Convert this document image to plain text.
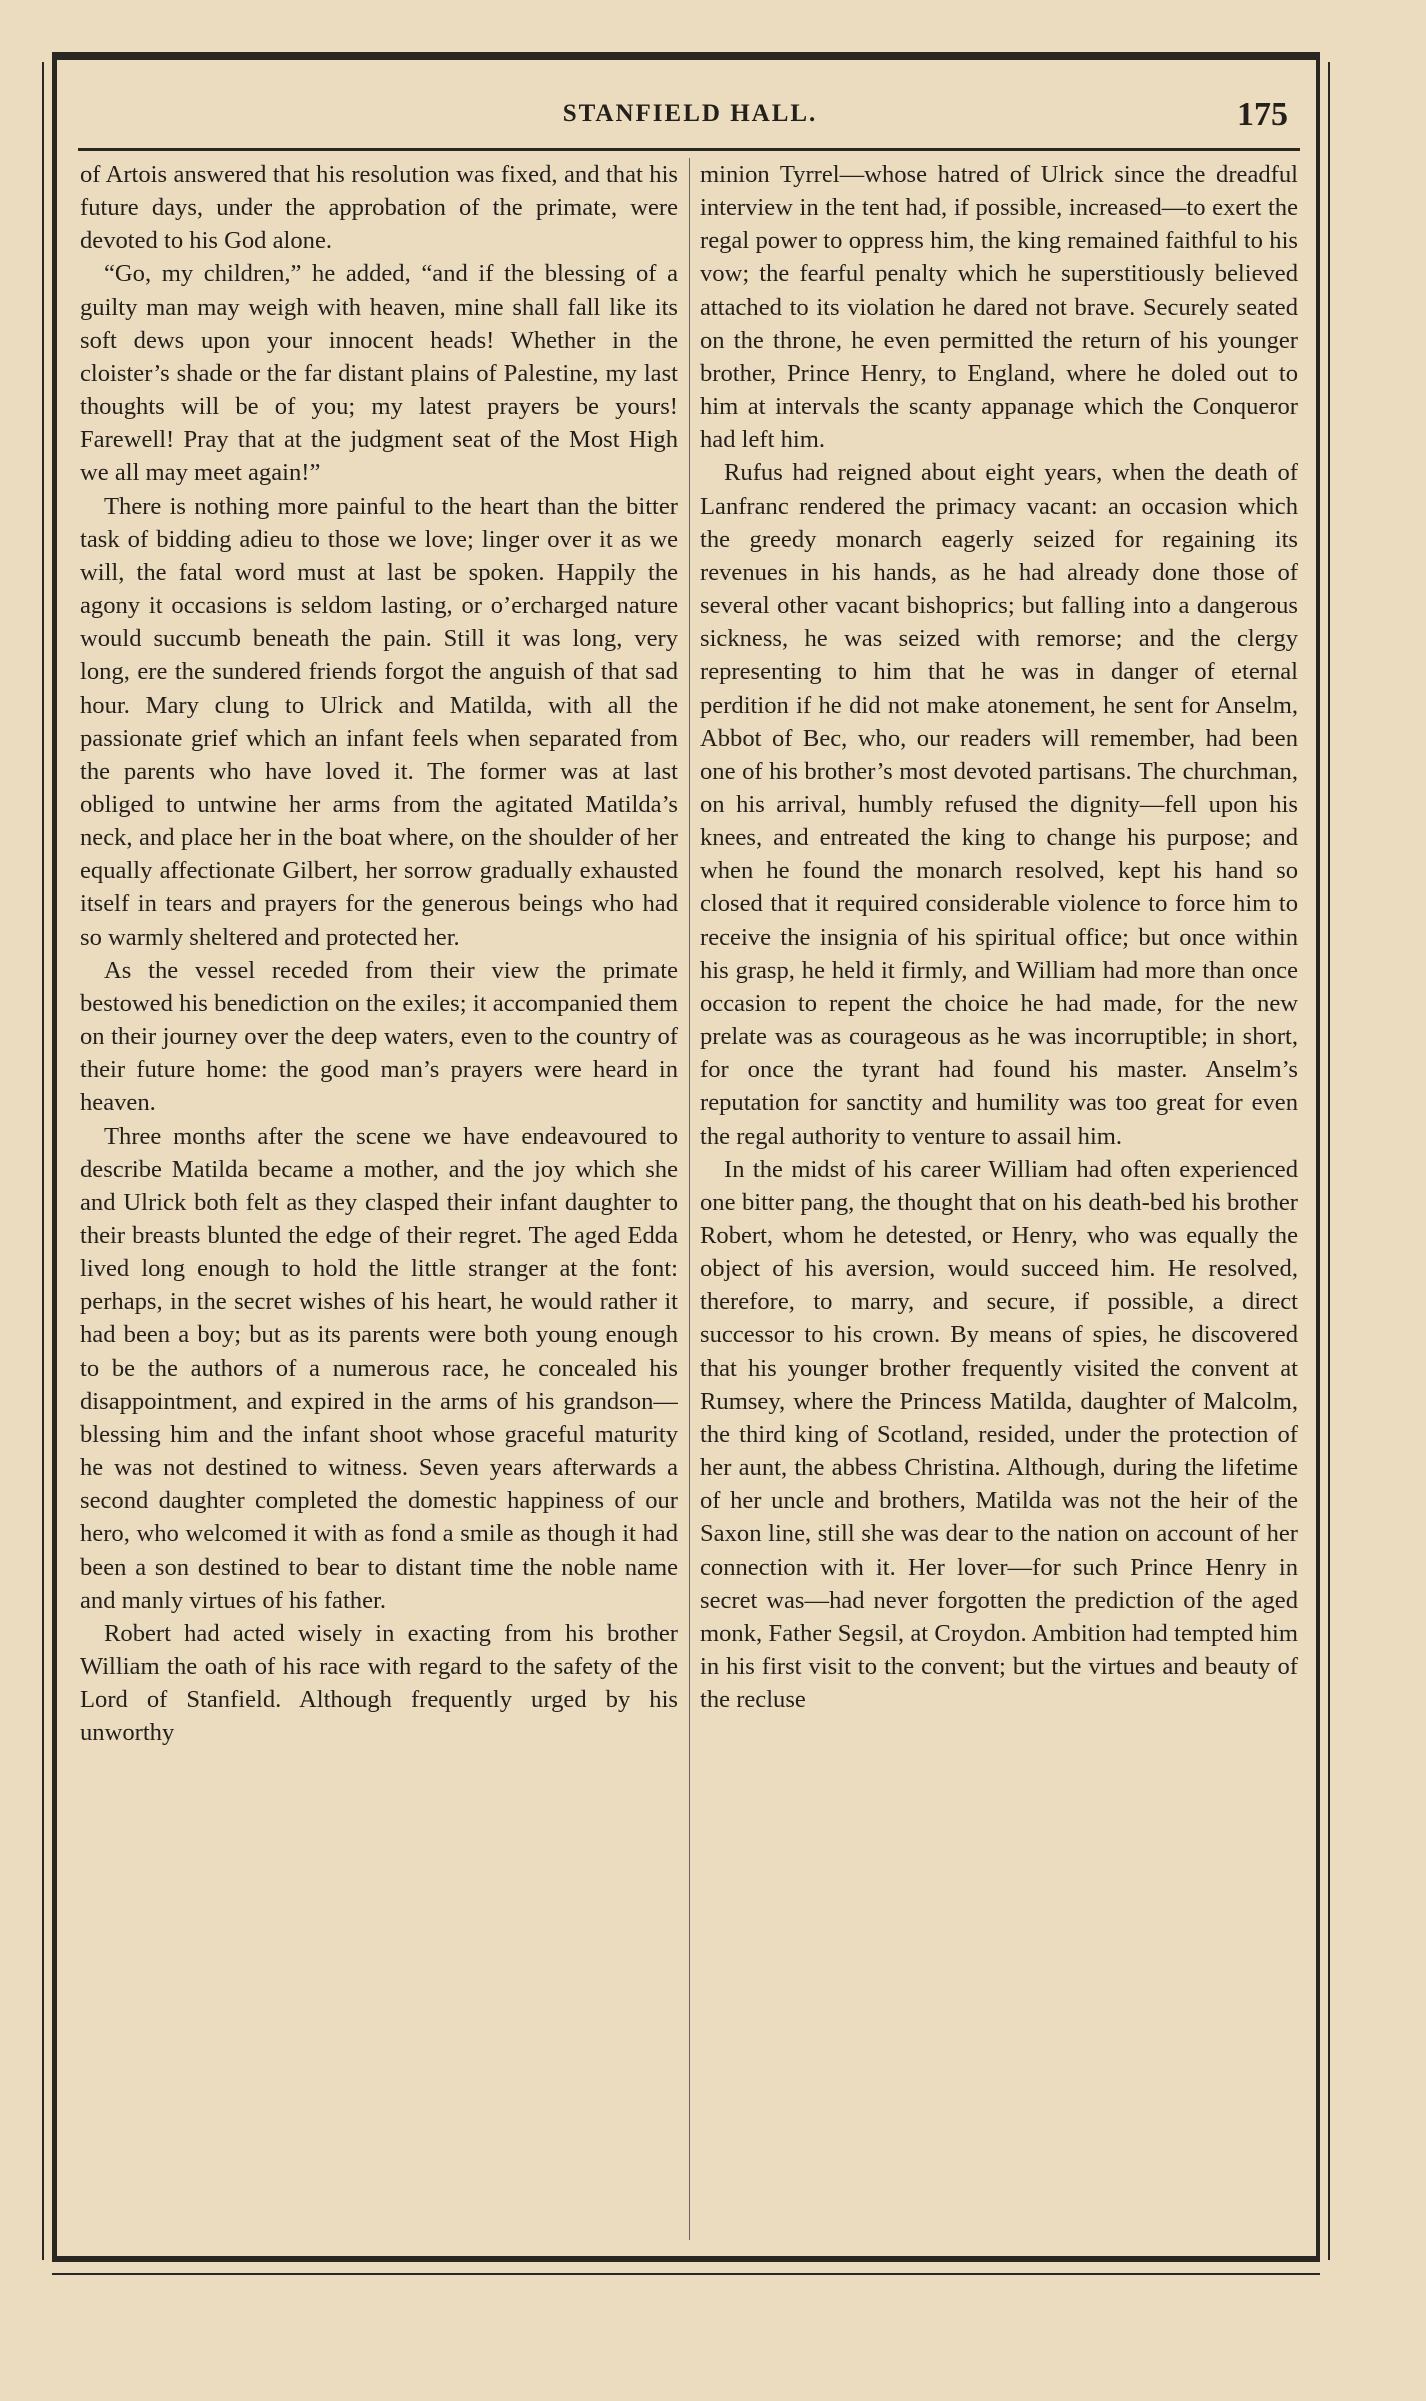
STANFIELD HALL.	175

of Artois answered that his resolution was fixed, and that his future days, under the approbation of the primate, were devoted to his God alone.

“Go, my children,” he added, “and if the blessing of a guilty man may weigh with heaven, mine shall fall like its soft dews upon your innocent heads! Whether in the cloister’s shade or the far distant plains of Palestine, my last thoughts will be of you; my latest prayers be yours! Farewell! Pray that at the judgment seat of the Most High we all may meet again!”

There is nothing more painful to the heart than the bitter task of bidding adieu to those we love; linger over it as we will, the fatal word must at last be spoken. Happily the agony it occasions is seldom lasting, or o’ercharged nature would succumb beneath the pain. Still it was long, very long, ere the sundered friends forgot the anguish of that sad hour. Mary clung to Ulrick and Matilda, with all the passionate grief which an infant feels when separated from the parents who have loved it. The former was at last obliged to untwine her arms from the agitated Matilda’s neck, and place her in the boat where, on the shoulder of her equally affectionate Gilbert, her sorrow gradually exhausted itself in tears and prayers for the generous beings who had so warmly sheltered and protected her.

As the vessel receded from their view the primate bestowed his benediction on the exiles; it accompanied them on their journey over the deep waters, even to the country of their future home: the good man’s prayers were heard in heaven.

Three months after the scene we have endeavoured to describe Matilda became a mother, and the joy which she and Ulrick both felt as they clasped their infant daughter to their breasts blunted the edge of their regret. The aged Edda lived long enough to hold the little stranger at the font: perhaps, in the secret wishes of his heart, he would rather it had been a boy; but as its parents were both young enough to be the authors of a numerous race, he concealed his disappointment, and expired in the arms of his grandson—blessing him and the infant shoot whose graceful maturity he was not destined to witness. Seven years afterwards a second daughter completed the domestic happiness of our hero, who welcomed it with as fond a smile as though it had been a son destined to bear to distant time the noble name and manly virtues of his father.

Robert had acted wisely in exacting from his brother William the oath of his race with regard to the safety of the Lord of Stanfield. Although frequently urged by his unworthy

minion Tyrrel—whose hatred of Ulrick since the dreadful interview in the tent had, if possible, increased—to exert the regal power to oppress him, the king remained faithful to his vow; the fearful penalty which he superstitiously believed attached to its violation he dared not brave. Securely seated on the throne, he even permitted the return of his younger brother, Prince Henry, to England, where he doled out to him at intervals the scanty appanage which the Conqueror had left him.

Rufus had reigned about eight years, when the death of Lanfranc rendered the primacy vacant: an occasion which the greedy monarch eagerly seized for regaining its revenues in his hands, as he had already done those of several other vacant bishoprics; but falling into a dangerous sickness, he was seized with remorse; and the clergy representing to him that he was in danger of eternal perdition if he did not make atonement, he sent for Anselm, Abbot of Bec, who, our readers will remember, had been one of his brother’s most devoted partisans. The churchman, on his arrival, humbly refused the dignity—fell upon his knees, and entreated the king to change his purpose; and when he found the monarch resolved, kept his hand so closed that it required considerable violence to force him to receive the insignia of his spiritual office; but once within his grasp, he held it firmly, and William had more than once occasion to repent the choice he had made, for the new prelate was as courageous as he was incorruptible; in short, for once the tyrant had found his master. Anselm’s reputation for sanctity and humility was too great for even the regal authority to venture to assail him.

In the midst of his career William had often experienced one bitter pang, the thought that on his death-bed his brother Robert, whom he detested, or Henry, who was equally the object of his aversion, would succeed him. He resolved, therefore, to marry, and secure, if possible, a direct successor to his crown. By means of spies, he discovered that his younger brother frequently visited the convent at Rumsey, where the Princess Matilda, daughter of Malcolm, the third king of Scotland, resided, under the protection of her aunt, the abbess Christina. Although, during the lifetime of her uncle and brothers, Matilda was not the heir of the Saxon line, still she was dear to the nation on account of her connection with it. Her lover—for such Prince Henry in secret was—had never forgotten the prediction of the aged monk, Father Segsil, at Croydon. Ambition had tempted him in his first visit to the convent; but the virtues and beauty of the recluse
